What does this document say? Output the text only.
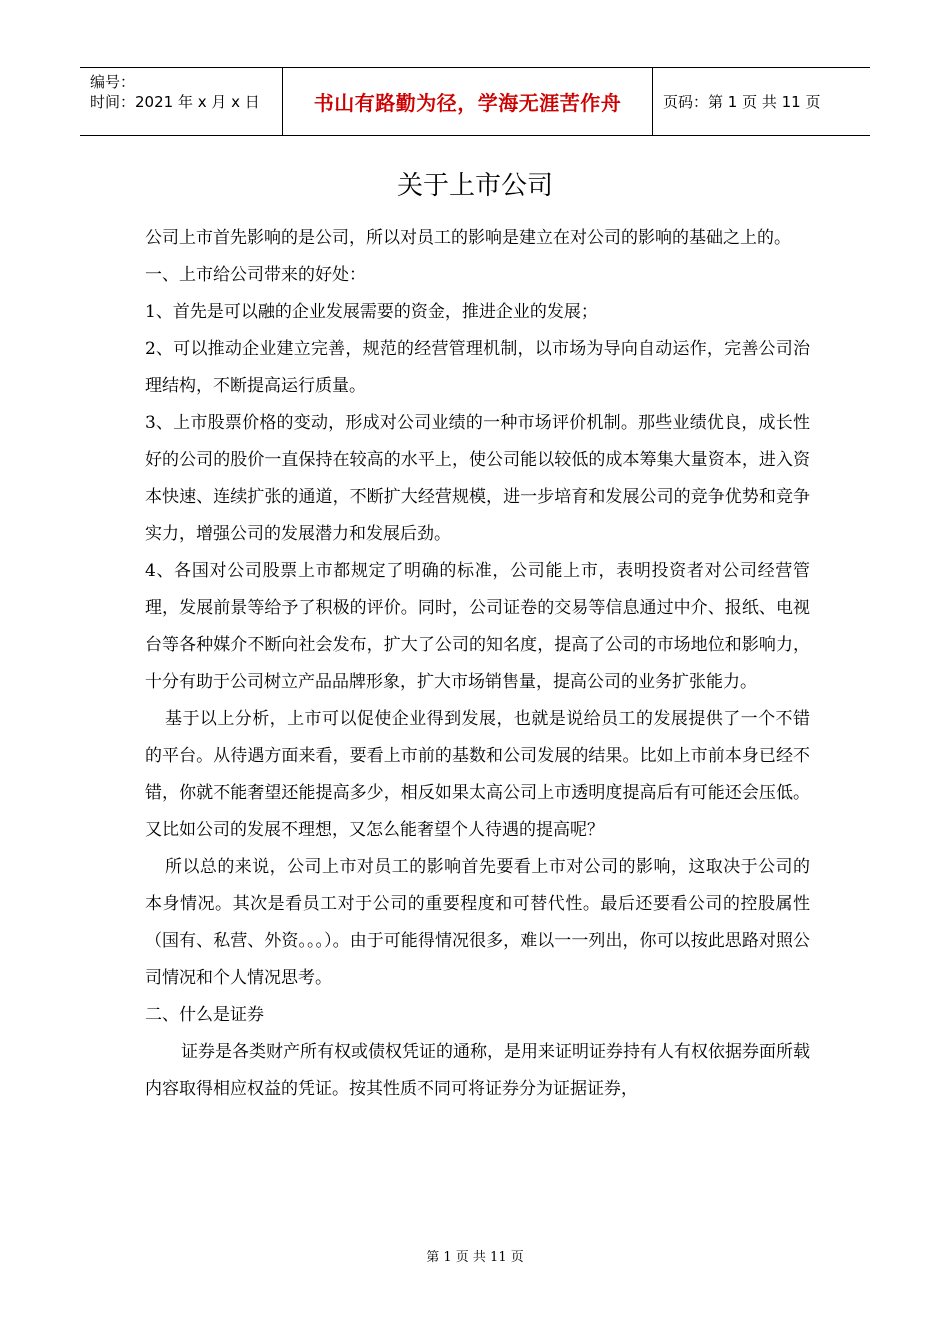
编号：
时间：2021 年 x 月 x 日	书山有路勤为径，学海无涯苦作舟	页码：第 1 页 共 11 页
关于上市公司

公司上市首先影响的是公司，所以对员工的影响是建立在对公司的影响的基础之上的。

一、上市给公司带来的好处：

1、首先是可以融的企业发展需要的资金，推进企业的发展；

2、可以推动企业建立完善，规范的经营管理机制，以市场为导向自动运作，完善公司治理结构，不断提高运行质量。

3、上市股票价格的变动，形成对公司业绩的一种市场评价机制。那些业绩优良，成长性好的公司的股价一直保持在较高的水平上，使公司能以较低的成本筹集大量资本，进入资本快速、连续扩张的通道，不断扩大经营规模，进一步培育和发展公司的竞争优势和竞争实力，增强公司的发展潜力和发展后劲。

4、各国对公司股票上市都规定了明确的标准，公司能上市，表明投资者对公司经营管理，发展前景等给予了积极的评价。同时，公司证卷的交易等信息通过中介、报纸、电视台等各种媒介不断向社会发布，扩大了公司的知名度，提高了公司的市场地位和影响力，十分有助于公司树立产品品牌形象，扩大市场销售量，提高公司的业务扩张能力。

基于以上分析，上市可以促使企业得到发展，也就是说给员工的发展提供了一个不错的平台。从待遇方面来看，要看上市前的基数和公司发展的结果。比如上市前本身已经不错，你就不能奢望还能提高多少，相反如果太高公司上市透明度提高后有可能还会压低。又比如公司的发展不理想，又怎么能奢望个人待遇的提高呢？

所以总的来说，公司上市对员工的影响首先要看上市对公司的影响，这取决于公司的本身情况。其次是看员工对于公司的重要程度和可替代性。最后还要看公司的控股属性（国有、私营、外资。。。）。由于可能得情况很多，难以一一列出，你可以按此思路对照公司情况和个人情况思考。

二、什么是证券

证券是各类财产所有权或债权凭证的通称，是用来证明证券持有人有权依据券面所载内容取得相应权益的凭证。按其性质不同可将证券分为证据证券，

第 1 页 共 11 页
